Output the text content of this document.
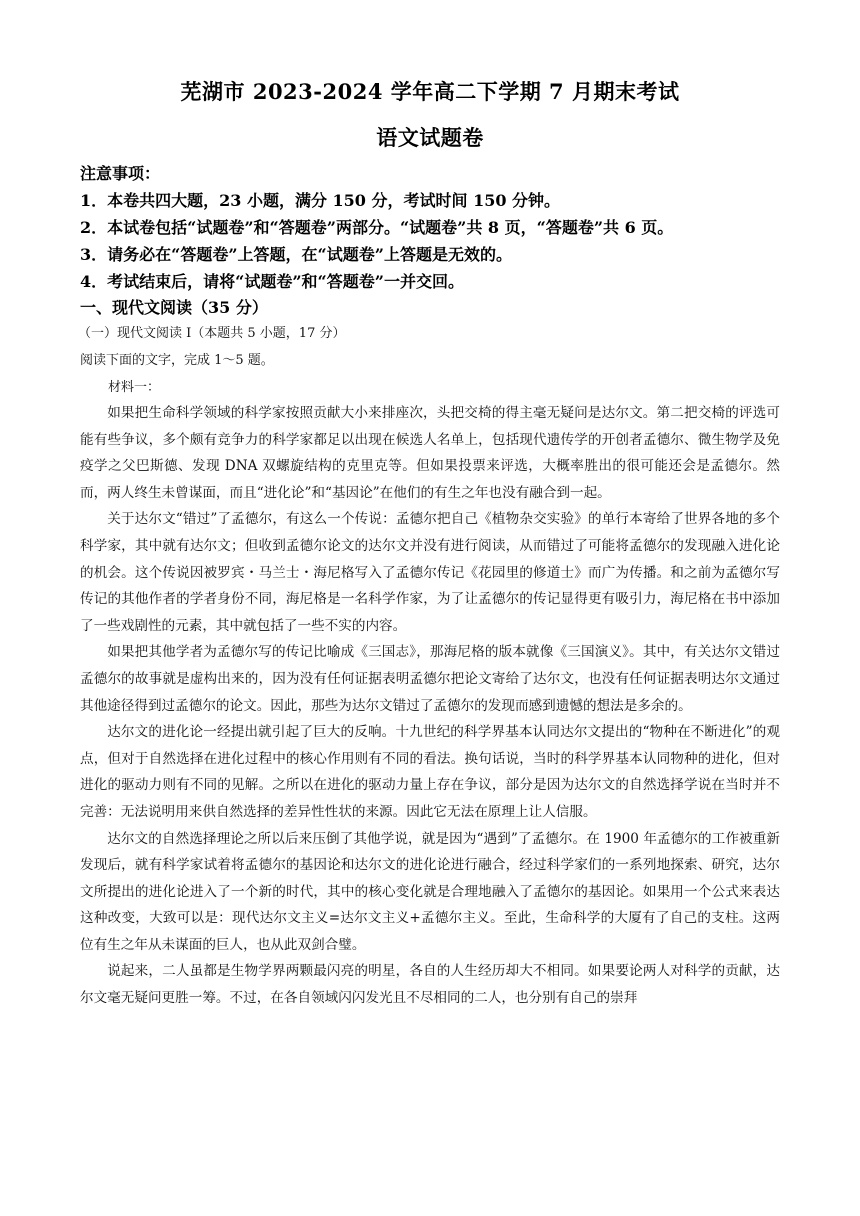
芜湖市 2023-2024 学年高二下学期 7 月期末考试
语文试题卷
注意事项：
1．本卷共四大题，23 小题，满分 150 分，考试时间 150 分钟。
2．本试卷包括“试题卷”和“答题卷”两部分。“试题卷”共 8 页，“答题卷”共 6 页。
3．请务必在“答题卷”上答题，在“试题卷”上答题是无效的。
4．考试结束后，请将“试题卷”和“答题卷”一并交回。
一、现代文阅读（35 分）
（一）现代文阅读 I（本题共 5 小题，17 分）
阅读下面的文字，完成 1～5 题。
材料一：

如果把生命科学领域的科学家按照贡献大小来排座次，头把交椅的得主毫无疑问是达尔文。第二把交椅的评选可能有些争议，多个颇有竞争力的科学家都足以出现在候选人名单上，包括现代遗传学的开创者孟德尔、微生物学及免疫学之父巴斯德、发现 DNA 双螺旋结构的克里克等。但如果投票来评选，大概率胜出的很可能还会是孟德尔。然而，两人终生未曾谋面，而且“进化论”和“基因论”在他们的有生之年也没有融合到一起。

关于达尔文“错过”了孟德尔，有这么一个传说：孟德尔把自己《植物杂交实验》的单行本寄给了世界各地的多个科学家，其中就有达尔文；但收到孟德尔论文的达尔文并没有进行阅读，从而错过了可能将孟德尔的发现融入进化论的机会。这个传说因被罗宾・马兰士・海尼格写入了孟德尔传记《花园里的修道士》而广为传播。和之前为孟德尔写传记的其他作者的学者身份不同，海尼格是一名科学作家，为了让孟德尔的传记显得更有吸引力，海尼格在书中添加了一些戏剧性的元素，其中就包括了一些不实的内容。

如果把其他学者为孟德尔写的传记比喻成《三国志》，那海尼格的版本就像《三国演义》。其中，有关达尔文错过孟德尔的故事就是虚构出来的，因为没有任何证据表明孟德尔把论文寄给了达尔文，也没有任何证据表明达尔文通过其他途径得到过孟德尔的论文。因此，那些为达尔文错过了孟德尔的发现而感到遗憾的想法是多余的。

达尔文的进化论一经提出就引起了巨大的反响。十九世纪的科学界基本认同达尔文提出的“物种在不断进化”的观点，但对于自然选择在进化过程中的核心作用则有不同的看法。换句话说，当时的科学界基本认同物种的进化，但对进化的驱动力则有不同的见解。之所以在进化的驱动力量上存在争议，部分是因为达尔文的自然选择学说在当时并不完善：无法说明用来供自然选择的差异性性状的来源。因此它无法在原理上让人信服。

达尔文的自然选择理论之所以后来压倒了其他学说，就是因为“遇到”了孟德尔。在 1900 年孟德尔的工作被重新发现后，就有科学家试着将孟德尔的基因论和达尔文的进化论进行融合，经过科学家们的一系列地探索、研究，达尔文所提出的进化论进入了一个新的时代，其中的核心变化就是合理地融入了孟德尔的基因论。如果用一个公式来表达这种改变，大致可以是：现代达尔文主义=达尔文主义+孟德尔主义。至此，生命科学的大厦有了自己的支柱。这两位有生之年从未谋面的巨人，也从此双剑合璧。

说起来，二人虽都是生物学界两颗最闪亮的明星，各自的人生经历却大不相同。如果要论两人对科学的贡献，达尔文毫无疑问更胜一筹。不过，在各自领域闪闪发光且不尽相同的二人，也分别有自己的崇拜
